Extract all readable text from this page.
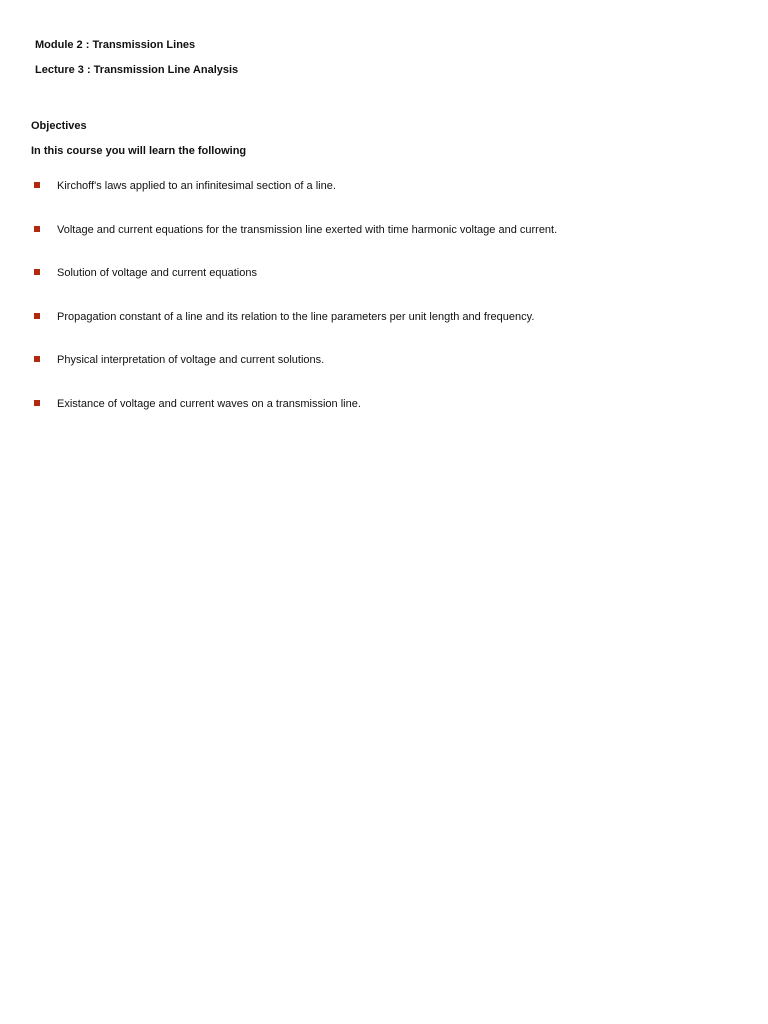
Module 2 : Transmission Lines
Lecture 3 : Transmission Line Analysis
Objectives
In this course you will learn the following
Kirchoff's laws applied to an infinitesimal section of a line.
Voltage and current equations for the transmission line exerted with time harmonic voltage and current.
Solution of voltage and current equations
Propagation constant of a line and its relation to the line parameters per unit length and frequency.
Physical interpretation of voltage and current solutions.
Existance of voltage and current waves on a transmission line.
